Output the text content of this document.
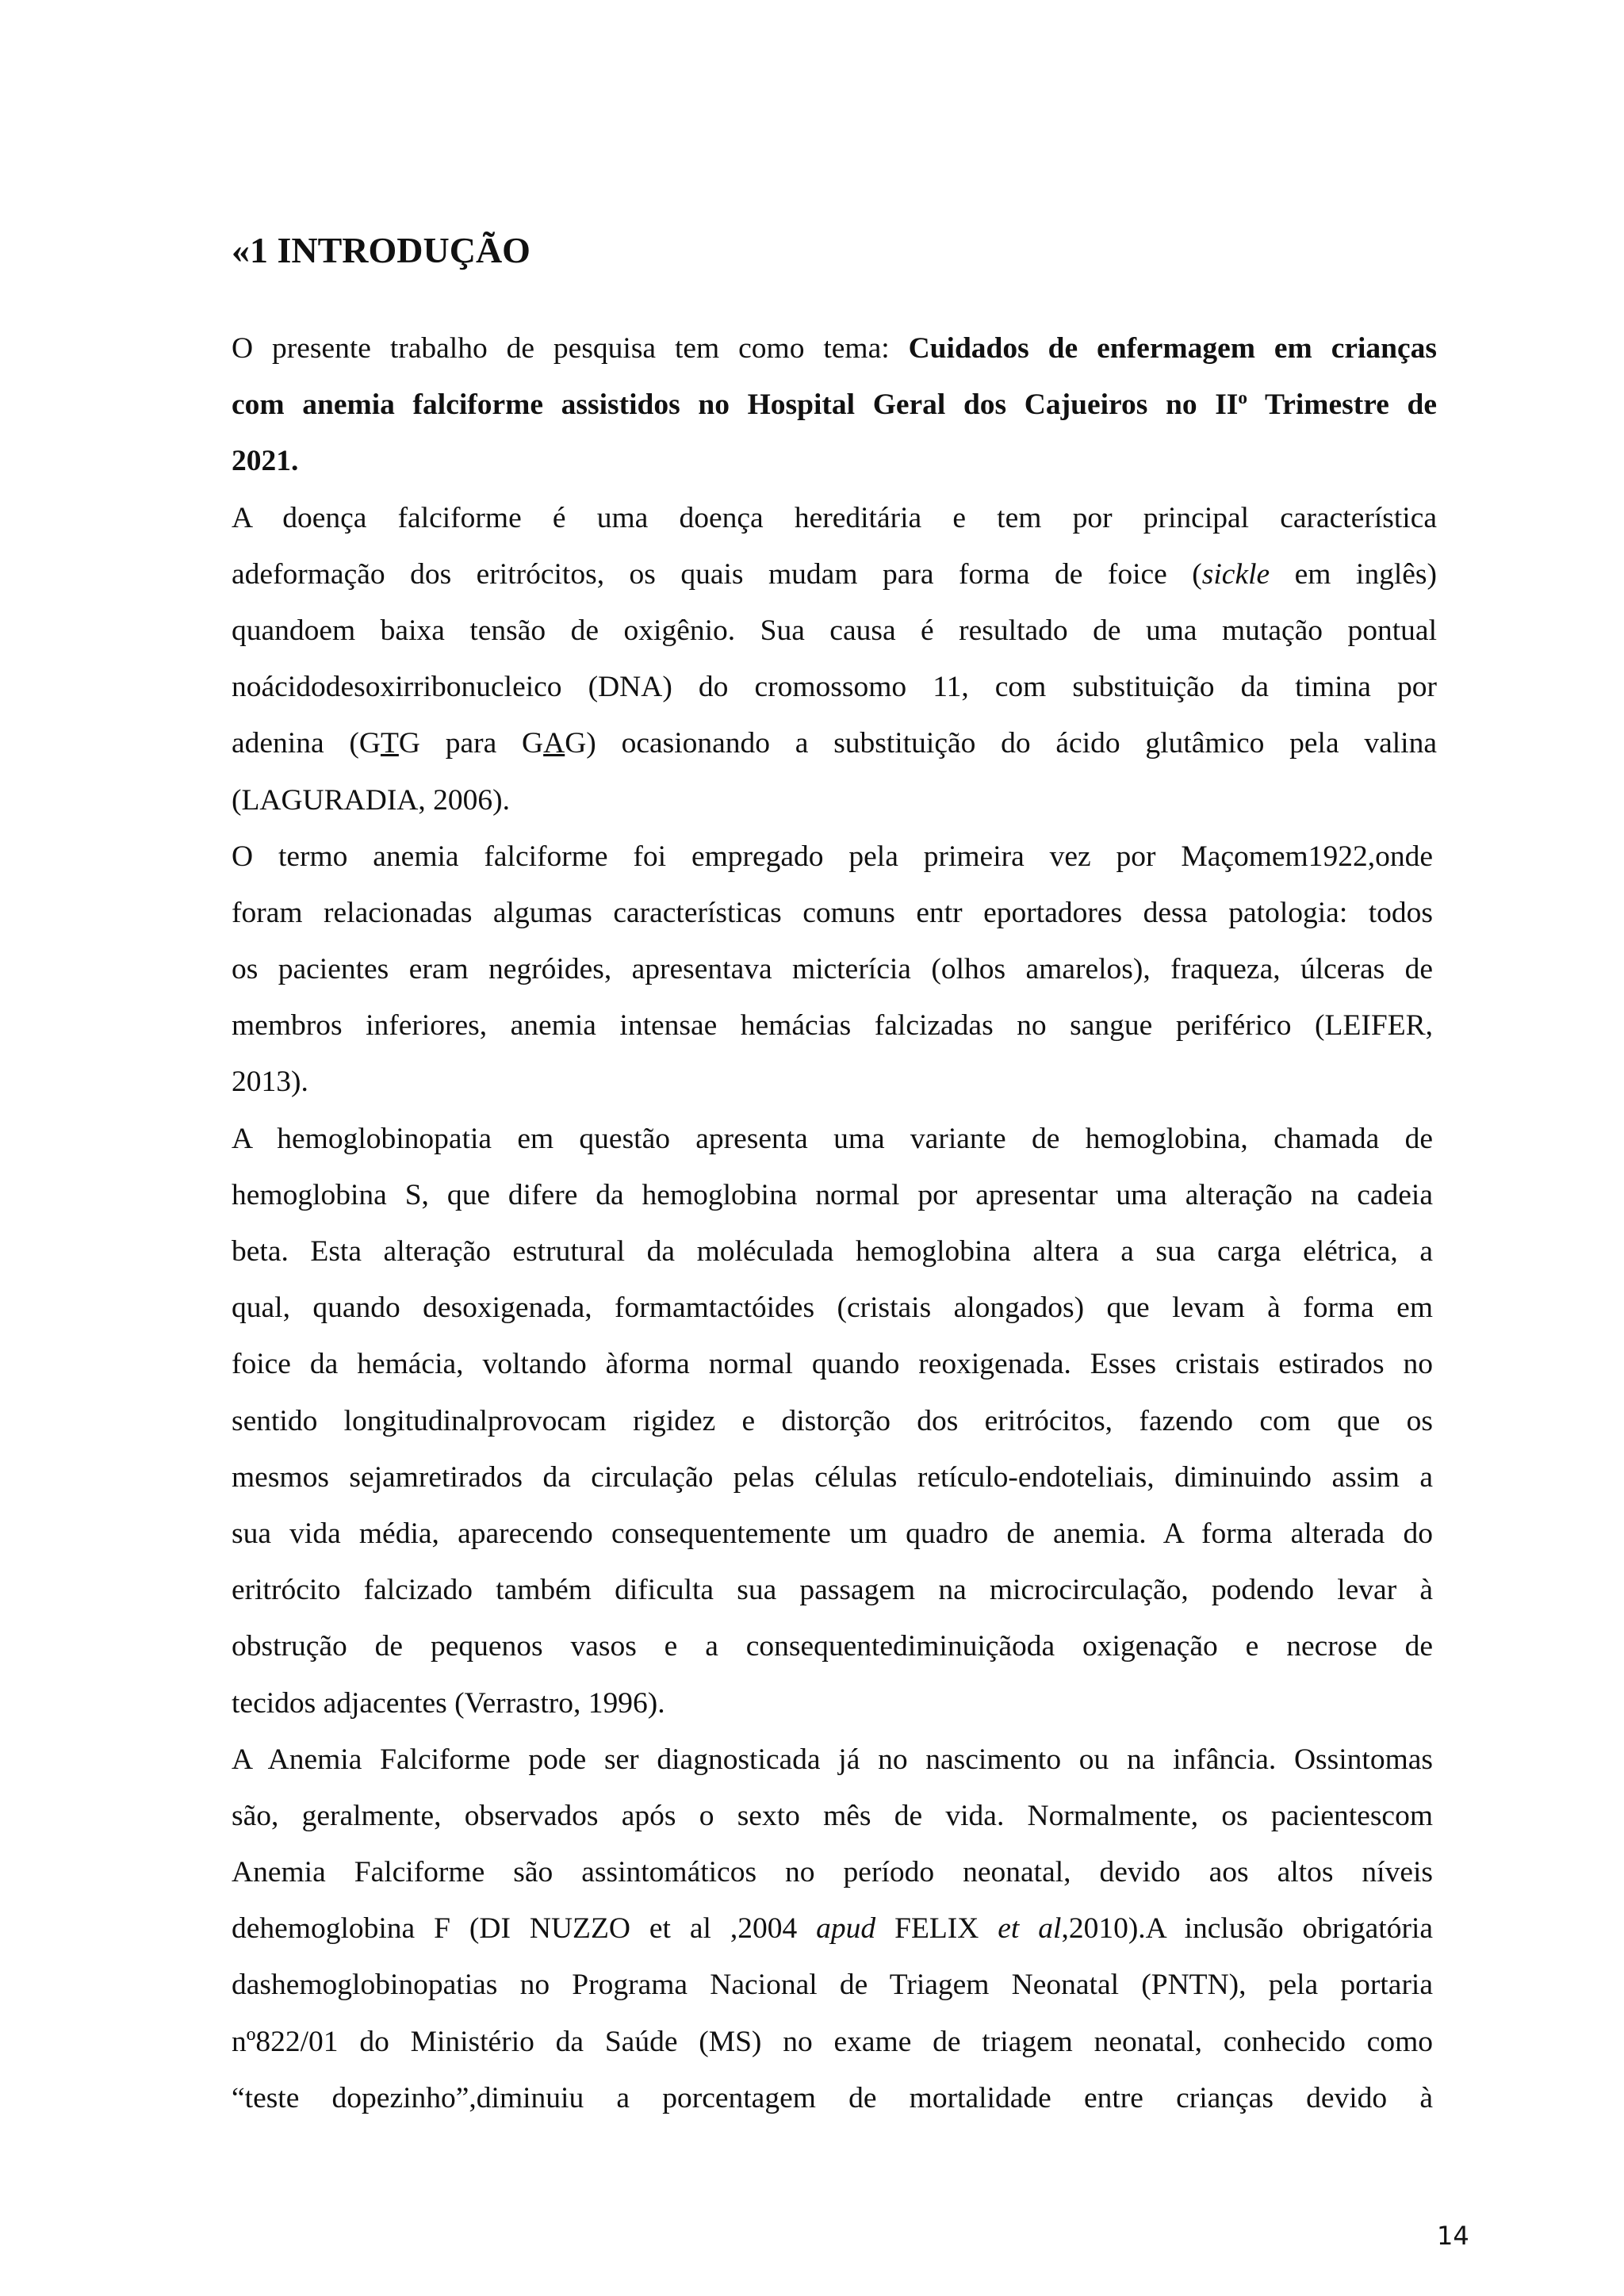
«1 INTRODUÇÃO
O presente trabalho de pesquisa tem como tema: Cuidados de enfermagem em crianças
com anemia falciforme assistidos no Hospital Geral dos Cajueiros no $II^o$ Trimestre de
2021.
A doença falciforme é uma doença hereditária e tem por principal característica
adeformação dos eritrócitos, os quais mudam para forma de foice (sickle em inglês)
quandoem baixa tensão de oxigênio. Sua causa é resultado de uma mutação pontual
noácidodesoxirribonucleico (DNA) do cromossomo 11, com substituição da timina por
adenina (GTG para GAG) ocasionando a substituição do ácido glutâmico pela valina
(LAGURADIA, 2006).
O termo anemia falciforme foi empregado pela primeira vez por Maçomem1922,onde
foram relacionadas algumas características comuns entr eportadores dessa patologia: todos
os pacientes eram negróides, apresentava micterícia (olhos amarelos), fraqueza, úlceras de
membros inferiores, anemia intensae hemácias falcizadas no sangue periférico (LEIFER,
2013).
A hemoglobinopatia em questão apresenta uma variante de hemoglobina, chamada de
hemoglobina S, que difere da hemoglobina normal por apresentar uma alteração na cadeia
beta. Esta alteração estrutural da moléculada hemoglobina altera a sua carga elétrica, a
qual, quando desoxigenada, formamtactóides (cristais alongados) que levam à forma em
foice da hemácia, voltando àforma normal quando reoxigenada. Esses cristais estirados no
sentido longitudinalprovocam rigidez e distorção dos eritrócitos, fazendo com que os
mesmos sejamretirados da circulação pelas células retículo-endoteliais, diminuindo assim a
sua vida média, aparecendo consequentemente um quadro de anemia. A forma alterada do
eritrócito falcizado também dificulta sua passagem na microcirculação, podendo levar à
obstrução de pequenos vasos e a consequentediminuiçãoda oxigenação e necrose de
tecidos adjacentes (Verrastro, 1996).
A Anemia Falciforme pode ser diagnosticada já no nascimento ou na infância. Ossintomas
são, geralmente, observados após o sexto mês de vida. Normalmente, os pacientescom
Anemia Falciforme são assintomáticos no período neonatal, devido aos altos níveis
dehemoglobina F (DI NUZZO et al ,2004 apud FELIX et al,2010).A inclusão obrigatória
dashemoglobinopatias no Programa Nacional de Triagem Neonatal (PNTN), pela portaria
nº822/01 do Ministério da Saúde (MS) no exame de triagem neonatal, conhecido como
“teste dopezinho”,diminuiu a porcentagem de mortalidade entre crianças devido à
14
